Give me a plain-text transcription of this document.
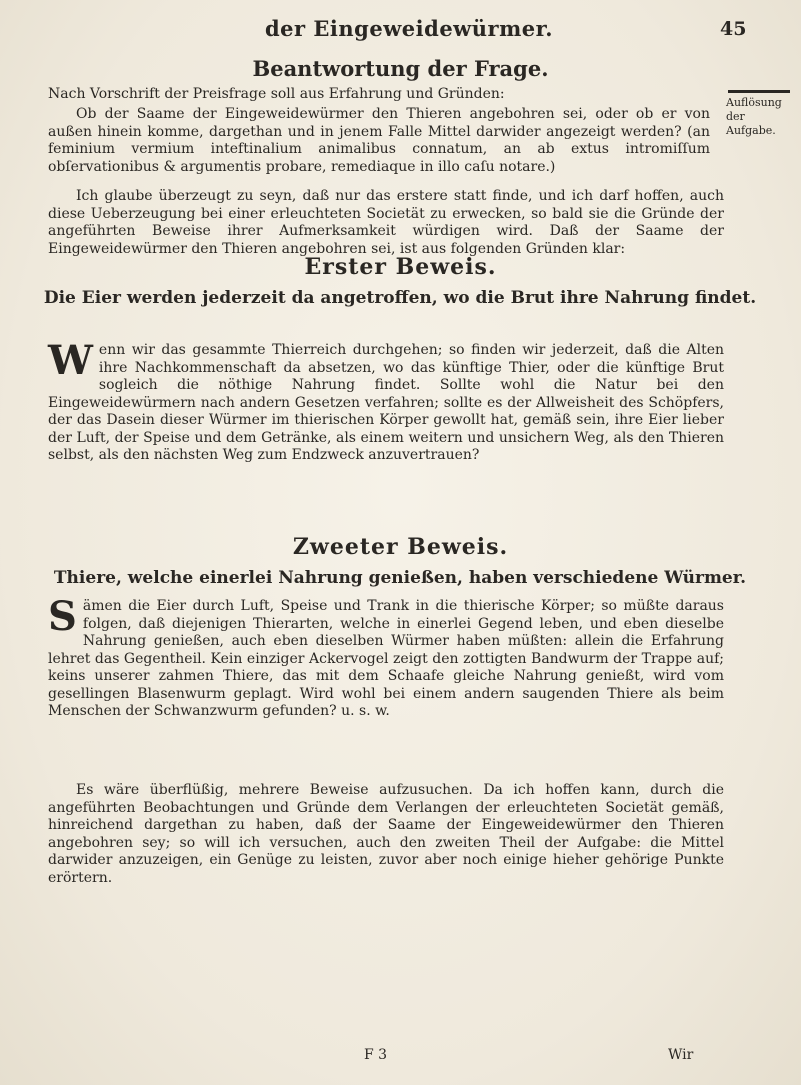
der Eingeweidewürmer.	45
Beantwortung der Frage.
Auflösung der Aufgabe.

Nach Vorschrift der Preisfrage soll aus Erfahrung und Gründen:

Ob der Saame der Eingeweidewürmer den Thieren angebohren sei, oder ob er von außen hinein komme, dargethan und in jenem Falle Mittel darwider angezeigt werden? (an feminium vermium inteftinalium animalibus connatum, an ab extus intromiſſum obſervationibus & argumentis probare, remediaque in illo caſu notare.)

Ich glaube überzeugt zu seyn, daß nur das erstere statt finde, und ich darf hoffen, auch diese Ueberzeugung bei einer erleuchteten Societät zu erwecken, so bald sie die Gründe der angeführten Beweise ihrer Aufmerksamkeit würdigen wird. Daß der Saame der Eingeweidewürmer den Thieren angebohren sei, ist aus folgenden Gründen klar:

Erster Beweis.
Die Eier werden jederzeit da angetroffen, wo die Brut ihre Nahrung findet.

Wenn wir das gesammte Thierreich durchgehen; so finden wir jederzeit, daß die Alten ihre Nachkommenschaft da absetzen, wo das künftige Thier, oder die künftige Brut sogleich die nöthige Nahrung findet. Sollte wohl die Natur bei den Eingeweidewürmern nach andern Gesetzen verfahren; sollte es der Allweisheit des Schöpfers, der das Dasein dieser Würmer im thierischen Körper gewollt hat, gemäß sein, ihre Eier lieber der Luft, der Speise und dem Getränke, als einem weitern und unsichern Weg, als den Thieren selbst, als den nächsten Weg zum Endzweck anzuvertrauen?

Zweeter Beweis.
Thiere, welche einerlei Nahrung genießen, haben verschiedene Würmer.

Sämen die Eier durch Luft, Speise und Trank in die thierische Körper; so müßte daraus folgen, daß diejenigen Thierarten, welche in einerlei Gegend leben, und eben dieselbe Nahrung genießen, auch eben dieselben Würmer haben müßten: allein die Erfahrung lehret das Gegentheil. Kein einziger Ackervogel zeigt den zottigten Bandwurm der Trappe auf; keins unserer zahmen Thiere, das mit dem Schaafe gleiche Nahrung genießt, wird vom gesellingen Blasenwurm geplagt. Wird wohl bei einem andern saugenden Thiere als beim Menschen der Schwanzwurm gefunden? u. s. w.

Es wäre überflüßig, mehrere Beweise aufzusuchen. Da ich hoffen kann, durch die angeführten Beobachtungen und Gründe dem Verlangen der erleuchteten Societät gemäß, hinreichend dargethan zu haben, daß der Saame der Eingeweidewürmer den Thieren angebohren sey; so will ich versuchen, auch den zweiten Theil der Aufgabe: die Mittel darwider anzuzeigen, ein Genüge zu leisten, zuvor aber noch einige hieher gehörige Punkte erörtern.

F 3	Wir
